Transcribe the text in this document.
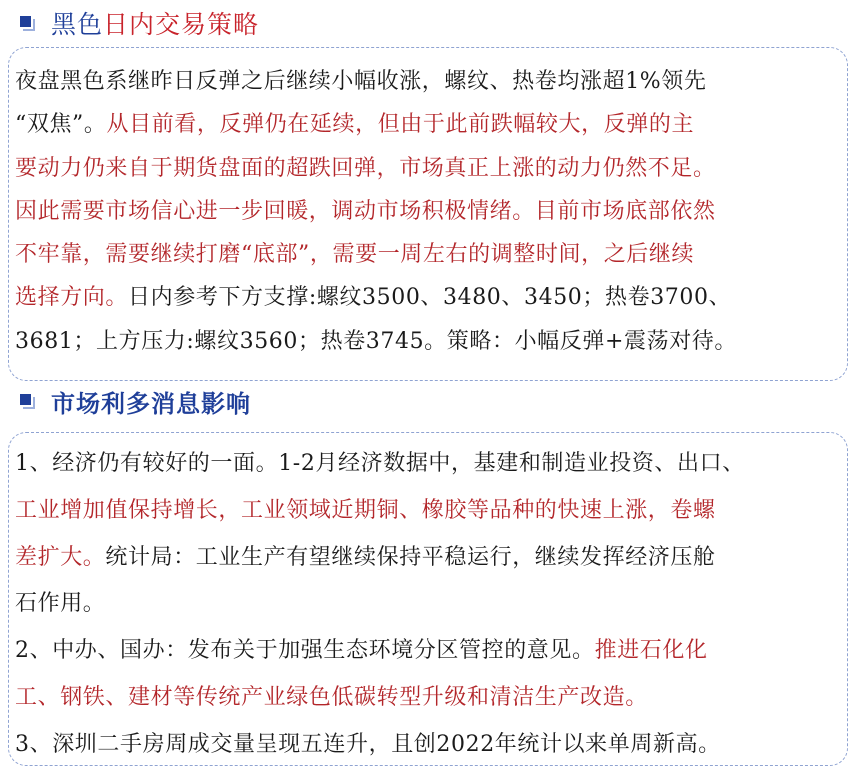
黑色日内交易策略
夜盘黑色系继昨日反弹之后继续小幅收涨，螺纹、热卷均涨超1%领先
“双焦”。从目前看，反弹仍在延续，但由于此前跌幅较大，反弹的主
要动力仍来自于期货盘面的超跌回弹，市场真正上涨的动力仍然不足。
因此需要市场信心进一步回暖，调动市场积极情绪。目前市场底部依然
不牢靠，需要继续打磨“底部”，需要一周左右的调整时间，之后继续
选择方向。日内参考下方支撑:螺纹3500、3480、3450；热卷3700、
3681；上方压力:螺纹3560；热卷3745。策略：小幅反弹+震荡对待。
市场利多消息影响
1、经济仍有较好的一面。1-2月经济数据中，基建和制造业投资、出口、
工业增加值保持增长，工业领域近期铜、橡胶等品种的快速上涨，卷螺
差扩大。统计局：工业生产有望继续保持平稳运行，继续发挥经济压舱
石作用。
2、中办、国办：发布关于加强生态环境分区管控的意见。推进石化化
工、钢铁、建材等传统产业绿色低碳转型升级和清洁生产改造。
3、深圳二手房周成交量呈现五连升，且创2022年统计以来单周新高。
